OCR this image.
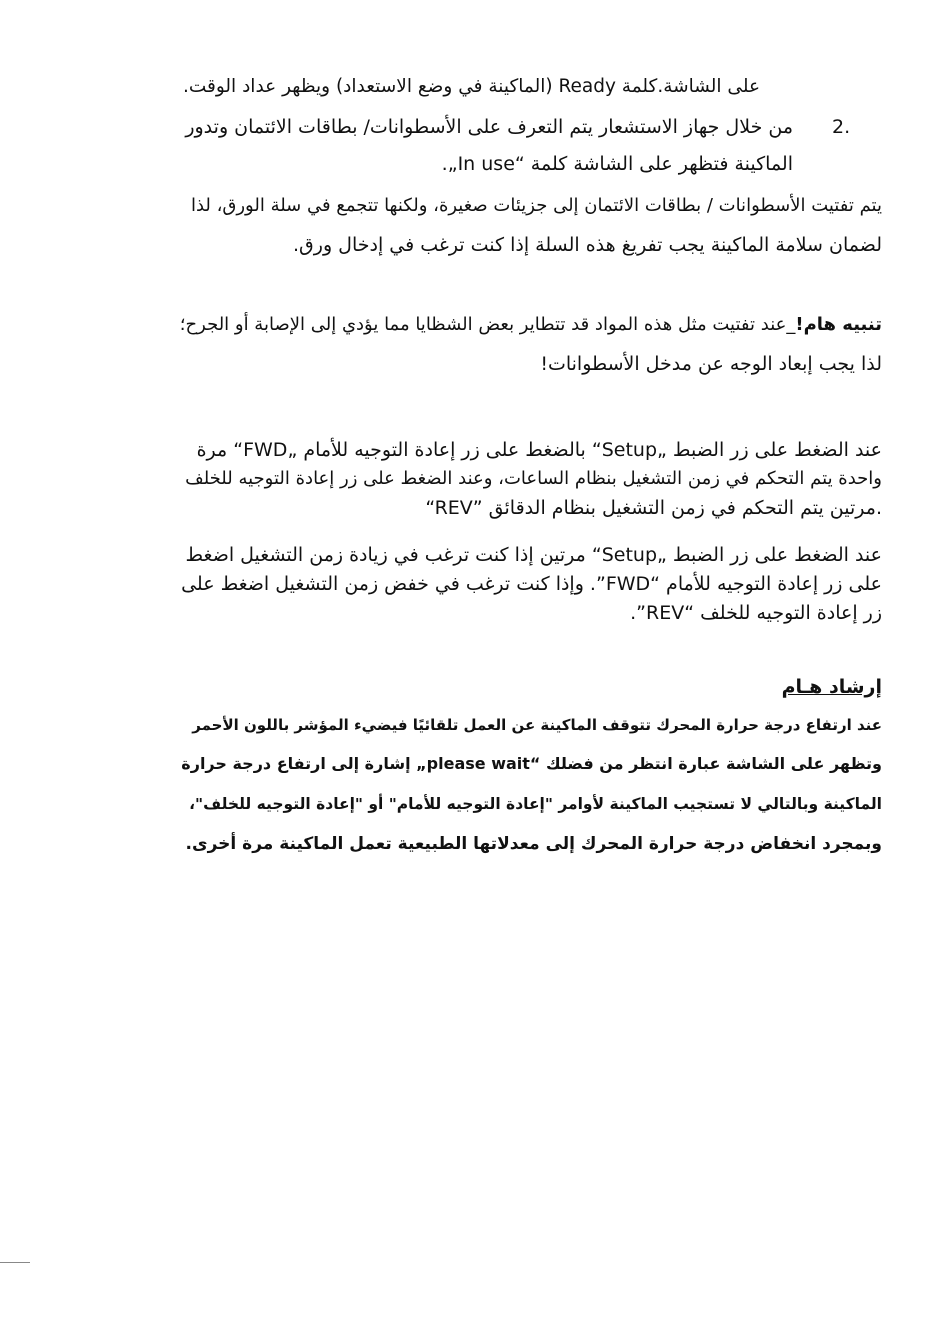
على الشاشة.كلمة Ready (الماكينة في وضع الاستعداد) ويظهر عداد الوقت.
2.
من خلال جهاز الاستشعار يتم التعرف على الأسطوانات/ بطاقات الائتمان وتدور
الماكينة فتظهر على الشاشة كلمة “In use„.
يتم تفتيت الأسطوانات / بطاقات الائتمان إلى جزيئات صغيرة، ولكنها تتجمع في سلة الورق، لذا
لضمان سلامة الماكينة يجب تفريغ هذه السلة إذا كنت ترغب في إدخال ورق.
تنبيه هام!_عند تفتيت مثل هذه المواد قد تتطاير بعض الشظايا مما يؤدي إلى الإصابة أو الجرح؛
لذا يجب إبعاد الوجه عن مدخل الأسطوانات!
عند الضغط على زر الضبط „Setup“ بالضغط على زر إعادة التوجيه للأمام „FWD“ مرة
واحدة يتم التحكم في زمن التشغيل بنظام الساعات، وعند الضغط على زر إعادة التوجيه للخلف
“REV” مرتين يتم التحكم في زمن التشغيل بنظام الدقائق.
عند الضغط على زر الضبط „Setup“ مرتين إذا كنت ترغب في زيادة زمن التشغيل اضغط
على زر إعادة التوجيه للأمام “FWD”. وإذا كنت ترغب في خفض زمن التشغيل اضغط على
زر إعادة التوجيه للخلف “REV”.
إرشاد هـام
عند ارتفاع درجة حرارة المحرك تتوقف الماكينة عن العمل تلقائيًا فيضيء المؤشر باللون الأحمر
وتظهر على الشاشة عبارة انتظر من فضلك “please wait„ إشارة إلى ارتفاع درجة حرارة
الماكينة وبالتالي لا تستجيب الماكينة لأوامر "إعادة التوجيه للأمام" أو "إعادة التوجيه للخلف"،
وبمجرد انخفاض درجة حرارة المحرك إلى معدلاتها الطبيعية تعمل الماكينة مرة أخرى.
